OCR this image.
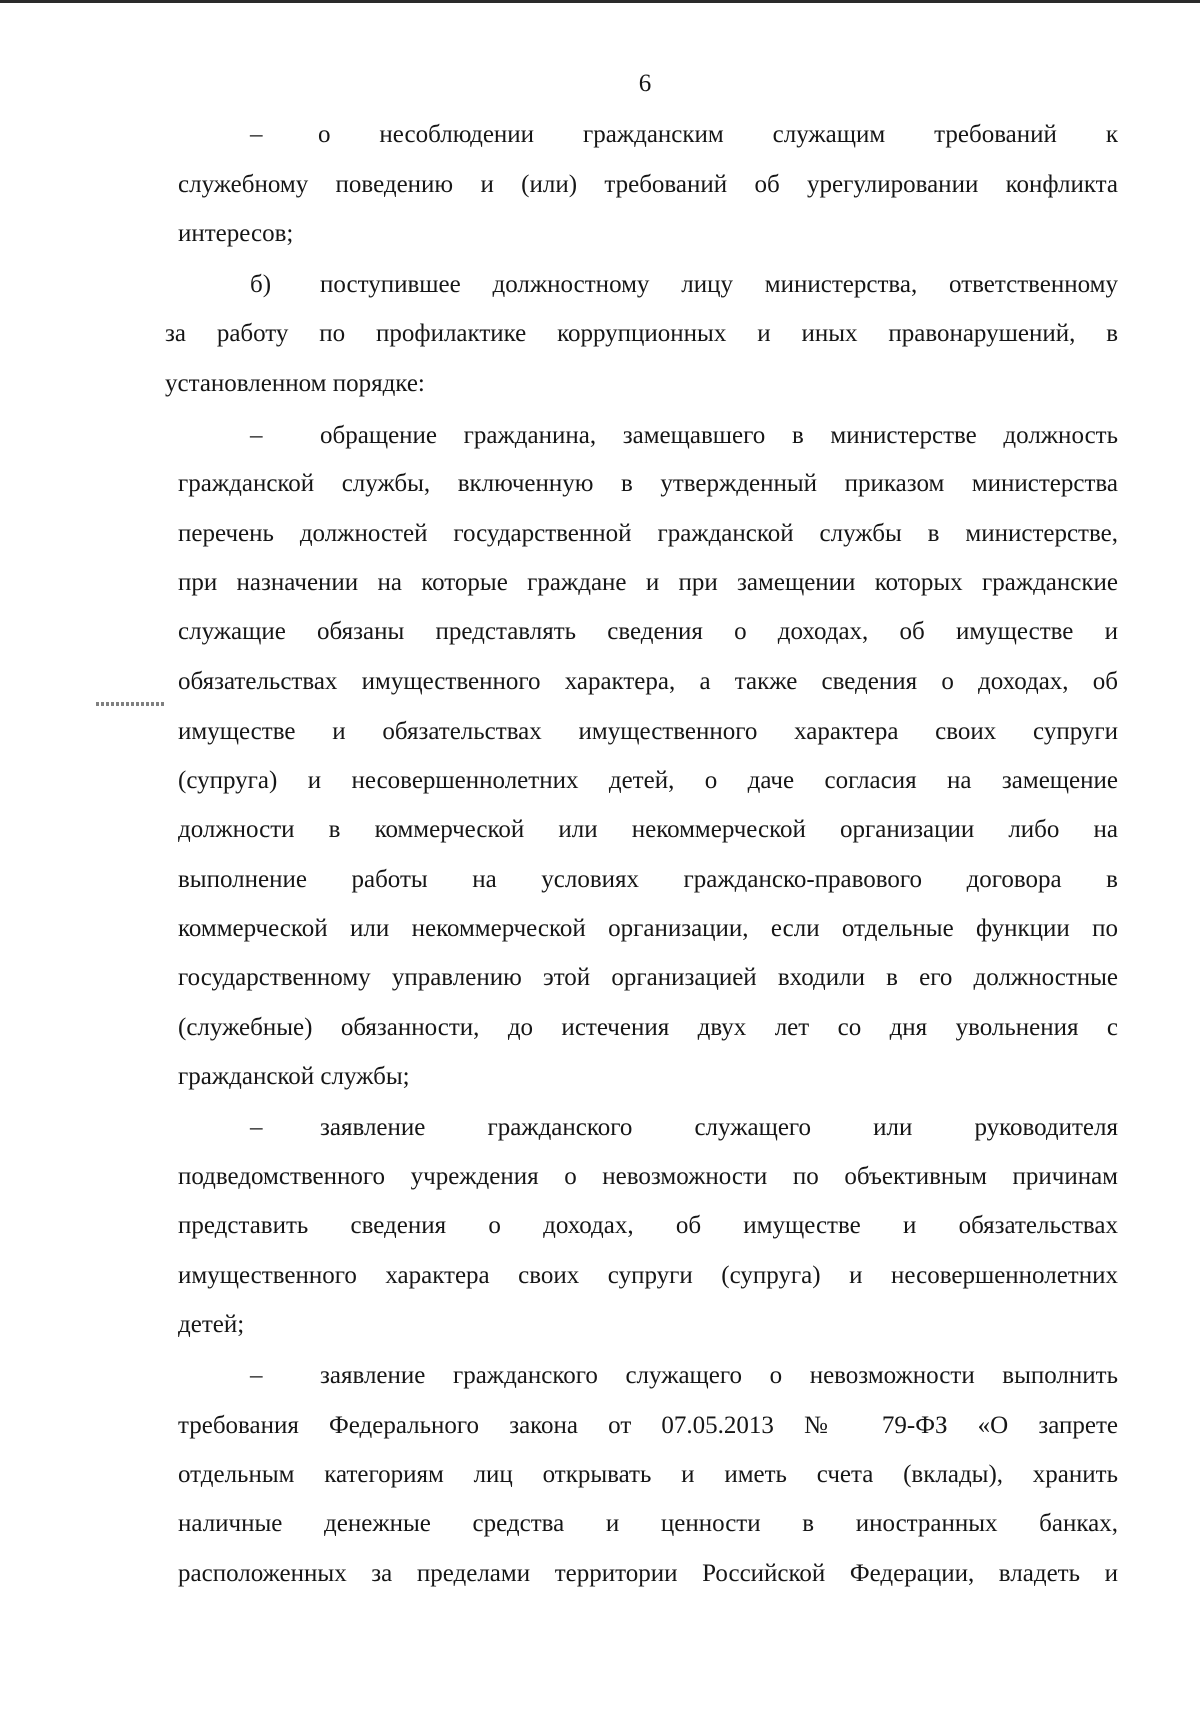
6
– о несоблюдении гражданским служащим требований к
служебному поведению и (или) требований об урегулировании конфликта
интересов;
б) поступившее должностному лицу министерства, ответственному
за работу по профилактике коррупционных и иных правонарушений, в
установленном порядке:
– обращение гражданина, замещавшего в министерстве должность
гражданской службы, включенную в утвержденный приказом министерства
перечень должностей государственной гражданской службы в министерстве,
при назначении на которые граждане и при замещении которых гражданские
служащие обязаны представлять сведения о доходах, об имуществе и
обязательствах имущественного характера, а также сведения о доходах, об
имуществе и обязательствах имущественного характера своих супруги
(супруга) и несовершеннолетних детей, о даче согласия на замещение
должности в коммерческой или некоммерческой организации либо на
выполнение работы на условиях гражданско-правового договора в
коммерческой или некоммерческой организации, если отдельные функции по
государственному управлению этой организацией входили в его должностные
(служебные) обязанности, до истечения двух лет со дня увольнения с
гражданской службы;
– заявление гражданского служащего или руководителя
подведомственного учреждения о невозможности по объективным причинам
представить сведения о доходах, об имуществе и обязательствах
имущественного характера своих супруги (супруга) и несовершеннолетних
детей;
– заявление гражданского служащего о невозможности выполнить
требования Федерального закона от 07.05.2013 № 79-ФЗ «О запрете
отдельным категориям лиц открывать и иметь счета (вклады), хранить
наличные денежные средства и ценности в иностранных банках,
расположенных за пределами территории Российской Федерации, владеть и
